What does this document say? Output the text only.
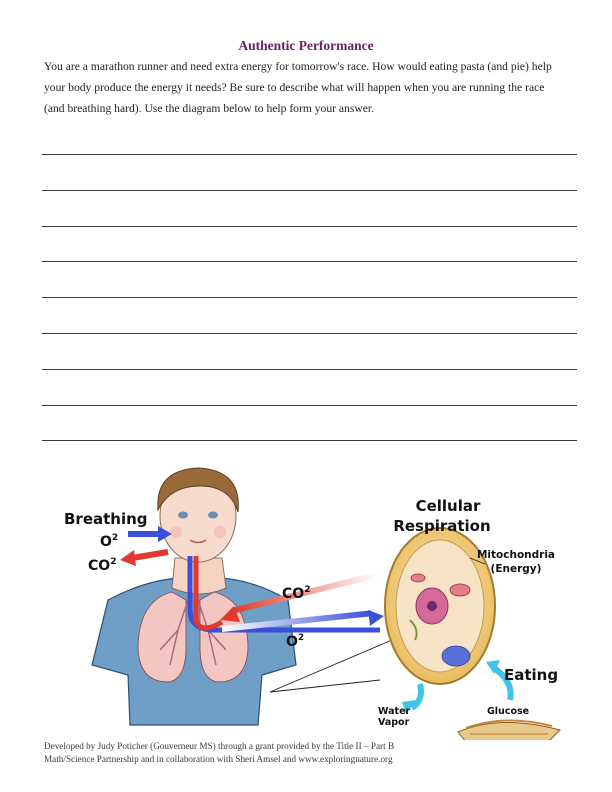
Authentic Performance
You are a marathon runner and need extra energy for tomorrow's race. How would eating pasta (and pie) help
your body produce the energy it needs? Be sure to describe what will happen when you are running the race
(and breathing hard). Use the diagram below to help form your answer.
Breathing
$O^2$
$CO^2$
$CO^2$
$O^2$
Cellular
Respiration
Mitochondria
(Energy)
Eating
Water
Vapor
Glucose
Developed by Judy Poticher (Gouverneur MS) through a grant provided by the Title II – Part B
Math/Science Partnership and in collaboration with Sheri Amsel and www.exploringnature.org
